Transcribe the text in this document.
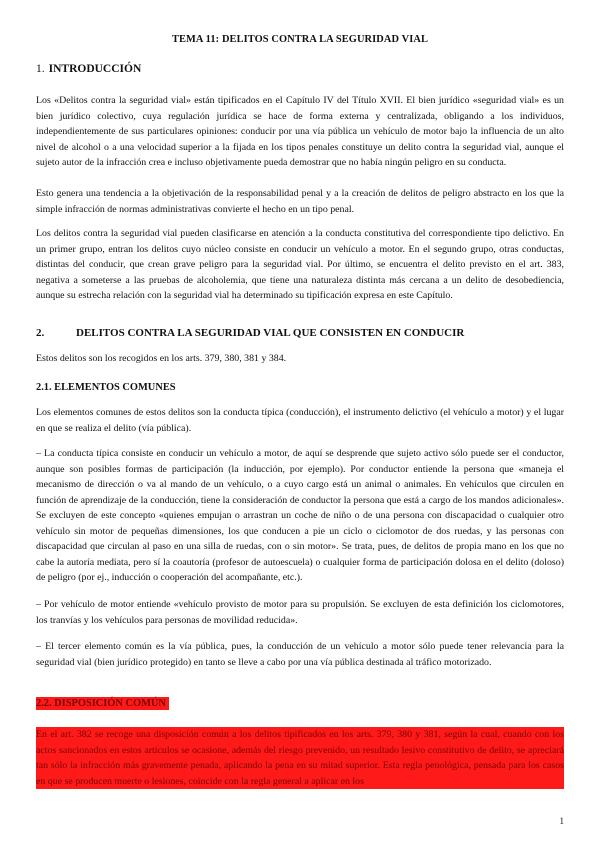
TEMA 11: DELITOS CONTRA LA SEGURIDAD VIAL
1. INTRODUCCIÓN
Los «Delitos contra la seguridad vial» están tipificados en el Capítulo IV del Título XVII. El bien jurídico «seguridad vial» es un bien jurídico colectivo, cuya regulación jurídica se hace de forma externa y centralizada, obligando a los individuos, independientemente de sus particulares opiniones: conducir por una vía pública un vehículo de motor bajo la influencia de un alto nivel de alcohol o a una velocidad superior a la fijada en los tipos penales constituye un delito contra la seguridad vial, aunque el sujeto autor de la infracción crea e incluso objetivamente pueda demostrar que no había ningún peligro en su conducta.
Esto genera una tendencia a la objetivación de la responsabilidad penal y a la creación de delitos de peligro abstracto en los que la simple infracción de normas administrativas convierte el hecho en un tipo penal.
Los delitos contra la seguridad vial pueden clasificarse en atención a la conducta constitutiva del correspondiente tipo delictivo. En un primer grupo, entran los delitos cuyo núcleo consiste en conducir un vehículo a motor. En el segundo grupo, otras conductas, distintas del conducir, que crean grave peligro para la seguridad vial. Por último, se encuentra el delito previsto en el art. 383, negativa a someterse a las pruebas de alcoholemia, que tiene una naturaleza distinta más cercana a un delito de desobediencia, aunque su estrecha relación con la seguridad vial ha determinado su tipificación expresa en este Capítulo.
2.	DELITOS CONTRA LA SEGURIDAD VIAL QUE CONSISTEN EN CONDUCIR
Estos delitos son los recogidos en los arts. 379, 380, 381 y 384.
2.1. ELEMENTOS COMUNES
Los elementos comunes de estos delitos son la conducta típica (conducción), el instrumento delictivo (el vehículo a motor) y el lugar en que se realiza el delito (vía pública).
– La conducta típica consiste en conducir un vehículo a motor, de aquí se desprende que sujeto activo sólo puede ser el conductor, aunque son posibles formas de participación (la inducción, por ejemplo). Por conductor entiende la persona que «maneja el mecanismo de dirección o va al mando de un vehículo, o a cuyo cargo está un animal o animales. En vehículos que circulen en función de aprendizaje de la conducción, tiene la consideración de conductor la persona que está a cargo de los mandos adicionales». Se excluyen de este concepto «quienes empujan o arrastran un coche de niño o de una persona con discapacidad o cualquier otro vehículo sin motor de pequeñas dimensiones, los que conducen a pie un ciclo o ciclomotor de dos ruedas, y las personas con discapacidad que circulan al paso en una silla de ruedas, con o sin motor». Se trata, pues, de delitos de propia mano en los que no cabe la autoría mediata, pero sí la coautoría (profesor de autoescuela) o cualquier forma de participación dolosa en el delito (doloso) de peligro (por ej., inducción o cooperación del acompañante, etc.).
– Por vehículo de motor entiende «vehículo provisto de motor para su propulsión. Se excluyen de esta definición los ciclomotores, los tranvías y los vehículos para personas de movilidad reducida».
– El tercer elemento común es la vía pública, pues, la conducción de un vehículo a motor sólo puede tener relevancia para la seguridad vial (bien jurídico protegido) en tanto se lleve a cabo por una vía pública destinada al tráfico motorizado.
2.2. DISPOSICIÓN COMÚN
En el art. 382 se recoge una disposición común a los delitos tipificados en los arts. 379, 380 y 381, según la cual, cuando con los actos sancionados en estos artículos se ocasione, además del riesgo prevenido, un resultado lesivo constitutivo de delito, se apreciará tan sólo la infracción más gravemente penada, aplicando la pena en su mitad superior. Esta regla penológica, pensada para los casos en que se producen muerte o lesiones, coincide con la regla general a aplicar en los
1
